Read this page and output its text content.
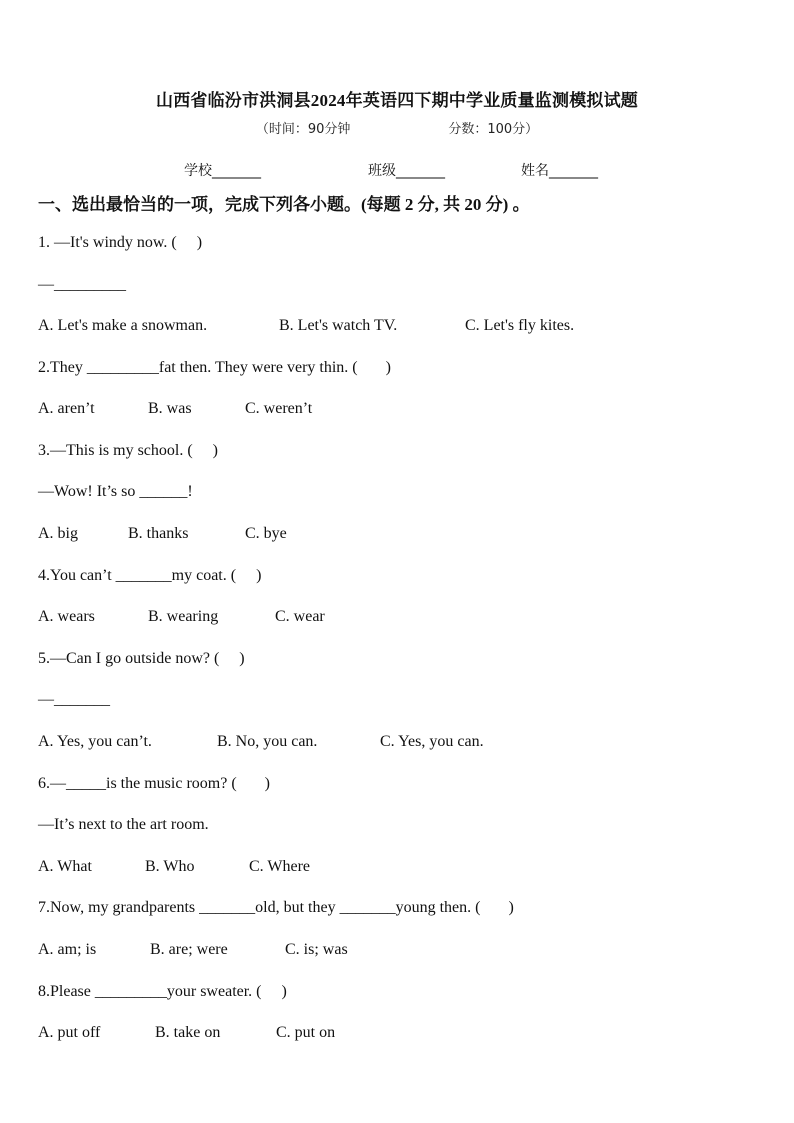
山西省临汾市洪洞县2024年英语四下期中学业质量监测模拟试题
（时间：90分钟	分数：100分）
学校_______	班级_______	姓名_______
一、选出最恰当的一项，完成下列各小题。(每题 2 分, 共 20 分) 。
1. —It's windy now. (     )
—_________
A. Let's make a snowman.	B. Let's watch TV.	C. Let's fly kites.
2.They _________fat then. They were very thin. (       )
A. aren’t	B. was	C. weren’t
3.—This is my school. (     )
—Wow! It’s so ______!
A. big	B. thanks	C. bye
4.You can’t _______my coat. (     )
A. wears	B. wearing	C. wear
5.—Can I go outside now? (     )
—_______
A. Yes, you can’t.	B. No, you can.	C. Yes, you can.
6.—_____is the music room? (       )
—It’s next to the art room.
A. What	B. Who	C. Where
7.Now, my grandparents _______old, but they _______young then. (       )
A. am; is	B. are; were	C. is; was
8.Please _________your sweater. (     )
A. put off	B. take on	C. put on
